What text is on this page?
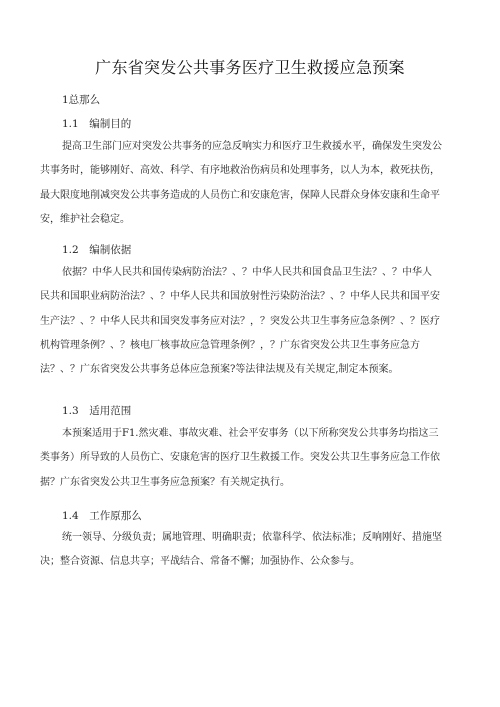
广东省突发公共事务医疗卫生救援应急预案
1总那么
1.1　编制目的
提高卫生部门应对突发公共事务的应急反响实力和医疗卫生救援水平，确保发生突发公
共事务时，能够刚好、高效、科学、有序地救治伤病员和处理事务，以人为本，救死扶伤，
最大限度地削减突发公共事务造成的人员伤亡和安康危害，保障人民群众身体安康和生命平
安，维护社会稳定。
1.2　编制依据
依据？中华人民共和国传染病防治法？、？中华人民共和国食品卫生法？、？中华人
民共和国职业病防治法？、？中华人民共和国放射性污染防治法？、？中华人民共和国平安
生产法？、？中华人民共和国突发事务应对法？，？突发公共卫生事务应急条例？、？医疗
机构管理条例？、？核电厂核事故应急管理条例？，？广东省突发公共卫生事务应急方
法？、？广东省突发公共事务总体应急预案?等法律法规及有关规定,制定本预案。
1.3　适用范围
本预案适用于F1.然灾难、事故灾难、社会平安事务（以下所称突发公共事务均指这三
类事务）所导致的人员伤亡、安康危害的医疗卫生救援工作。突发公共卫生事务应急工作依
据？广东省突发公共卫生事务应急预案？有关规定执行。
1.4　工作原那么
统一领导、分级负责；属地管理、明确职责；依靠科学、依法标准；反响刚好、措施坚
决；整合资源、信息共享；平战结合、常备不懈；加强协作、公众参与。
